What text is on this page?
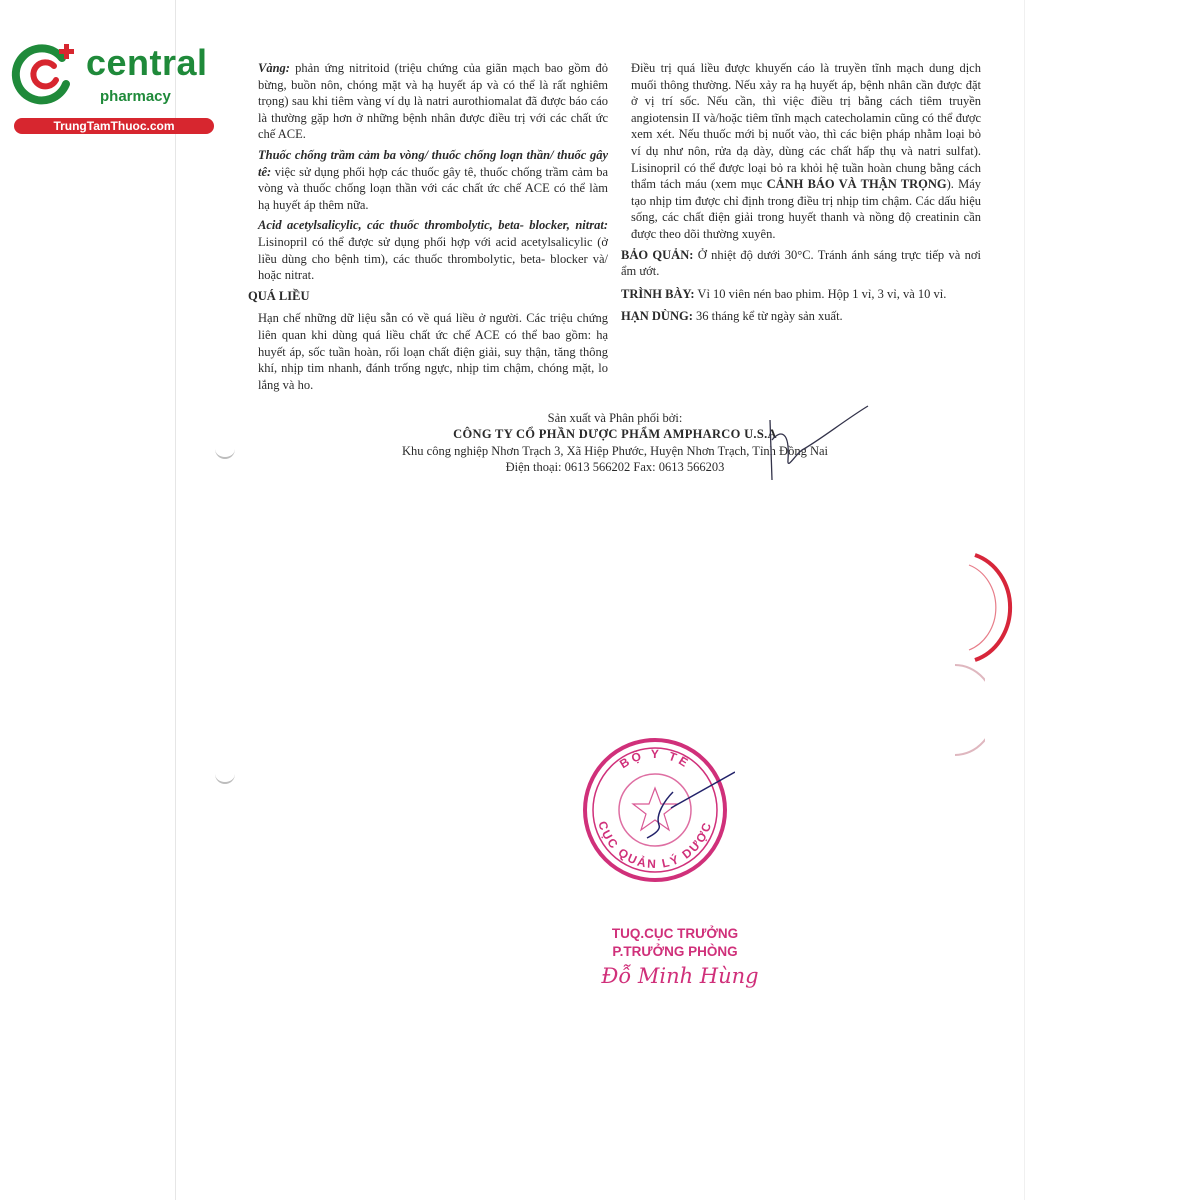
central
pharmacy
TrungTamThuoc.com

Vàng: phản ứng nitritoid (triệu chứng của giãn mạch bao gồm đỏ bừng, buồn nôn, chóng mặt và hạ huyết áp và có thể là rất nghiêm trọng) sau khi tiêm vàng ví dụ là natri aurothiomalat đã được báo cáo là thường gặp hơn ở những bệnh nhân được điều trị với các chất ức chế ACE.

Thuốc chống trầm cảm ba vòng/ thuốc chống loạn thần/ thuốc gây tê: việc sử dụng phối hợp các thuốc gây tê, thuốc chống trầm cảm ba vòng và thuốc chống loạn thần với các chất ức chế ACE có thể làm hạ huyết áp thêm nữa.

Acid acetylsalicylic, các thuốc thrombolytic, beta- blocker, nitrat: Lisinopril có thể được sử dụng phối hợp với acid acetylsalicylic (ở liều dùng cho bệnh tim), các thuốc thrombolytic, beta- blocker và/ hoặc nitrat.

QUÁ LIỀU

Hạn chế những dữ liệu sẵn có về quá liều ở người. Các triệu chứng liên quan khi dùng quá liều chất ức chế ACE có thể bao gồm: hạ huyết áp, sốc tuần hoàn, rối loạn chất điện giải, suy thận, tăng thông khí, nhịp tim nhanh, đánh trống ngực, nhịp tim chậm, chóng mặt, lo lắng và ho.

Điều trị quá liều được khuyến cáo là truyền tĩnh mạch dung dịch muối thông thường. Nếu xảy ra hạ huyết áp, bệnh nhân cần được đặt ở vị trí sốc. Nếu cần, thì việc điều trị bằng cách tiêm truyền angiotensin II và/hoặc tiêm tĩnh mạch catecholamin cũng có thể được xem xét. Nếu thuốc mới bị nuốt vào, thì các biện pháp nhằm loại bỏ ví dụ như nôn, rửa dạ dày, dùng các chất hấp thụ và natri sulfat). Lisinopril có thể được loại bỏ ra khỏi hệ tuần hoàn chung bằng cách thẩm tách máu (xem mục CẢNH BÁO VÀ THẬN TRỌNG). Máy tạo nhịp tim được chỉ định trong điều trị nhịp tim chậm. Các dấu hiệu sống, các chất điện giải trong huyết thanh và nồng độ creatinin cần được theo dõi thường xuyên.

BẢO QUẢN: Ở nhiệt độ dưới 30°C. Tránh ánh sáng trực tiếp và nơi ẩm ướt.

TRÌNH BÀY: Vỉ 10 viên nén bao phim. Hộp 1 vỉ, 3 vỉ, và 10 vỉ.

HẠN DÙNG: 36 tháng kể từ ngày sản xuất.

Sản xuất và Phân phối bởi:
CÔNG TY CỔ PHẦN DƯỢC PHẨM AMPHARCO U.S.A
Khu công nghiệp Nhơn Trạch 3, Xã Hiệp Phước, Huyện Nhơn Trạch, Tỉnh Đồng Nai
Điện thoại: 0613 566202 Fax: 0613 566203
BỘ Y TẾ
CỤC QUẢN LÝ DƯỢC
TUQ.CỤC TRƯỞNG
P.TRƯỞNG PHÒNG
Đỗ Minh Hùng
